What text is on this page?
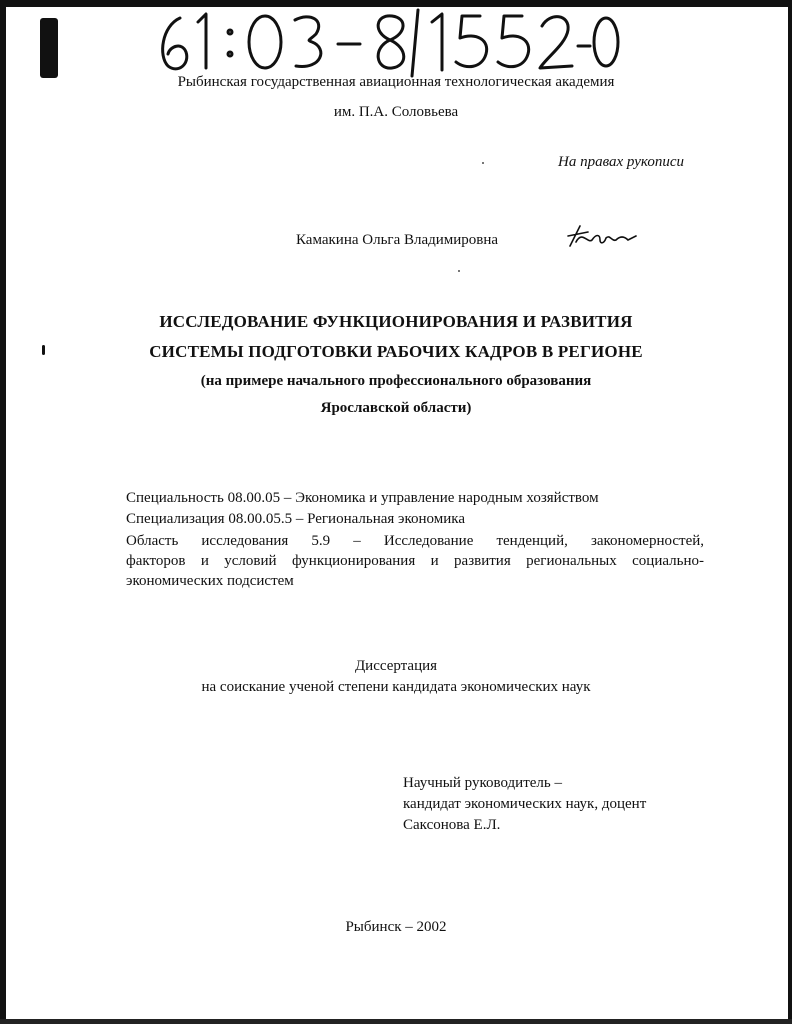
Рыбинская государственная авиационная технологическая академия
им. П.А. Соловьева
На правах рукописи
Камакина Ольга Владимировна
ИССЛЕДОВАНИЕ ФУНКЦИОНИРОВАНИЯ И РАЗВИТИЯ
СИСТЕМЫ ПОДГОТОВКИ РАБОЧИХ КАДРОВ В РЕГИОНЕ
(на примере начального профессионального образования
Ярославской области)
Специальность 08.00.05 – Экономика и управление народным хозяйством
Специализация 08.00.05.5 – Региональная экономика
Область исследования 5.9 – Исследование тенденций, закономерностей,
факторов и условий функционирования и развития региональных социально-
экономических подсистем
Диссертация
на соискание ученой степени кандидата экономических наук
Научный руководитель –
кандидат экономических наук, доцент
Саксонова Е.Л.
Рыбинск – 2002
